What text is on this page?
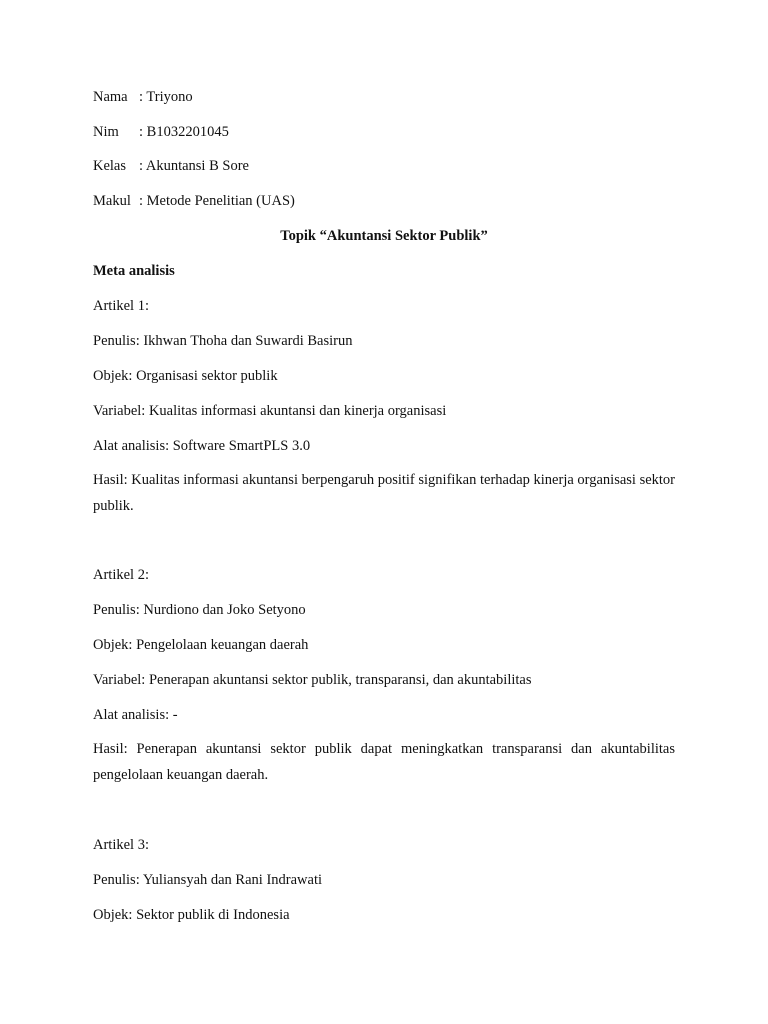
Nama : Triyono
Nim : B1032201045
Kelas : Akuntansi B Sore
Makul : Metode Penelitian (UAS)
Topik “Akuntansi Sektor Publik”
Meta analisis
Artikel 1:
Penulis: Ikhwan Thoha dan Suwardi Basirun
Objek: Organisasi sektor publik
Variabel: Kualitas informasi akuntansi dan kinerja organisasi
Alat analisis: Software SmartPLS 3.0
Hasil: Kualitas informasi akuntansi berpengaruh positif signifikan terhadap kinerja organisasi sektor publik.
Artikel 2:
Penulis: Nurdiono dan Joko Setyono
Objek: Pengelolaan keuangan daerah
Variabel: Penerapan akuntansi sektor publik, transparansi, dan akuntabilitas
Alat analisis: -
Hasil: Penerapan akuntansi sektor publik dapat meningkatkan transparansi dan akuntabilitas pengelolaan keuangan daerah.
Artikel 3:
Penulis: Yuliansyah dan Rani Indrawati
Objek: Sektor publik di Indonesia
